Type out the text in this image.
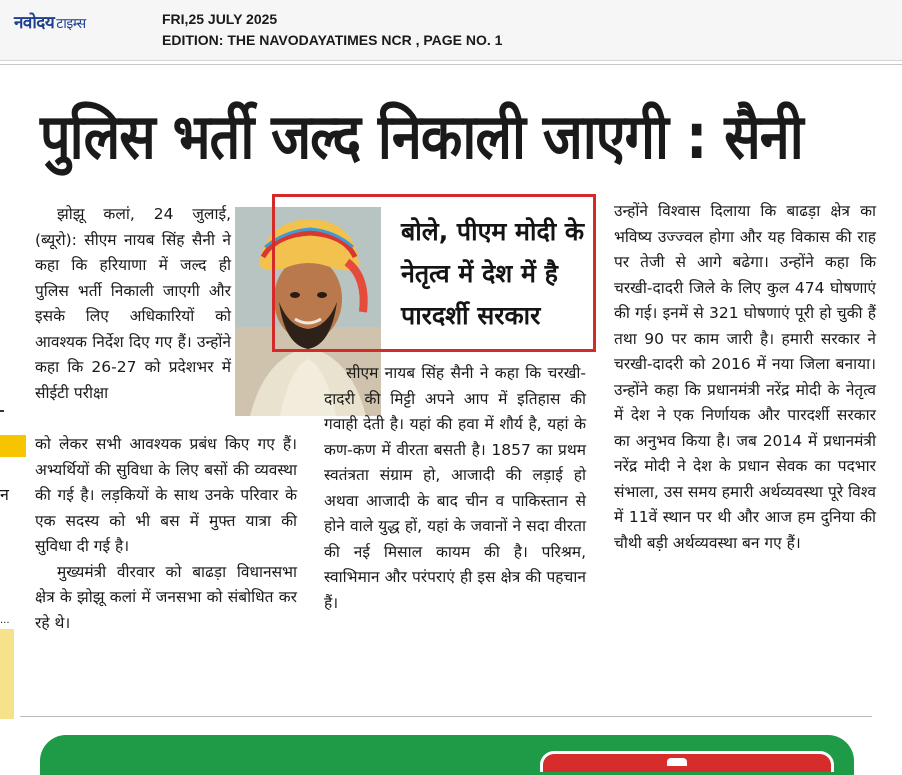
नवोदय टाइम्स	FRI,25 JULY 2025
EDITION: THE NAVODAYATIMES NCR , PAGE NO. 1
पुलिस भर्ती जल्द निकाली जाएगी : सैनी

झोझू कलां, 24 जुलाई, (ब्यूरो): सीएम नायब सिंह सैनी ने कहा कि हरियाणा में जल्द ही पुलिस भर्ती निकाली जाएगी और इसके लिए अधिकारियों को आवश्यक निर्देश दिए गए हैं। उन्होंने कहा कि 26-27 को प्रदेशभर में सीईटी परीक्षा

बोले, पीएम मोदी के नेतृत्व में देश में है पारदर्शी सरकार

को लेकर सभी आवश्यक प्रबंध किए गए हैं। अभ्यर्थियों की सुविधा के लिए बसों की व्यवस्था की गई है। लड़कियों के साथ उनके परिवार के एक सदस्य को भी बस में मुफ्त यात्रा की सुविधा दी गई है।

मुख्यमंत्री वीरवार को बाढड़ा विधानसभा क्षेत्र के झोझू कलां में जनसभा को संबोधित कर रहे थे।

सीएम नायब सिंह सैनी ने कहा कि चरखी-दादरी की मिट्टी अपने आप में इतिहास की गवाही देती है। यहां की हवा में शौर्य है, यहां के कण-कण में वीरता बसती है। 1857 का प्रथम स्वतंत्रता संग्राम हो, आजादी की लड़ाई हो अथवा आजादी के बाद चीन व पाकिस्तान से होने वाले युद्ध हों, यहां के जवानों ने सदा वीरता की नई मिसाल कायम की है। परिश्रम, स्वाभिमान और परंपराएं ही इस क्षेत्र की पहचान हैं।

उन्होंने विश्वास दिलाया कि बाढड़ा क्षेत्र का भविष्य उज्ज्वल होगा और यह विकास की राह पर तेजी से आगे बढेगा। उन्होंने कहा कि चरखी-दादरी जिले के लिए कुल 474 घोषणाएं की गई। इनमें से 321 घोषणाएं पूरी हो चुकी हैं तथा 90 पर काम जारी है। हमारी सरकार ने चरखी-दादरी को 2016 में नया जिला बनाया। उन्होंने कहा कि प्रधानमंत्री नरेंद्र मोदी के नेतृत्व में देश ने एक निर्णायक और पारदर्शी सरकार का अनुभव किया है। जब 2014 में प्रधानमंत्री नरेंद्र मोदी ने देश के प्रधान सेवक का पदभार संभाला, उस समय हमारी अर्थव्यवस्था पूरे विश्व में 11वें स्थान पर थी और आज हम दुनिया की चौथी बड़ी अर्थव्यवस्था बन गए हैं।

न
...
